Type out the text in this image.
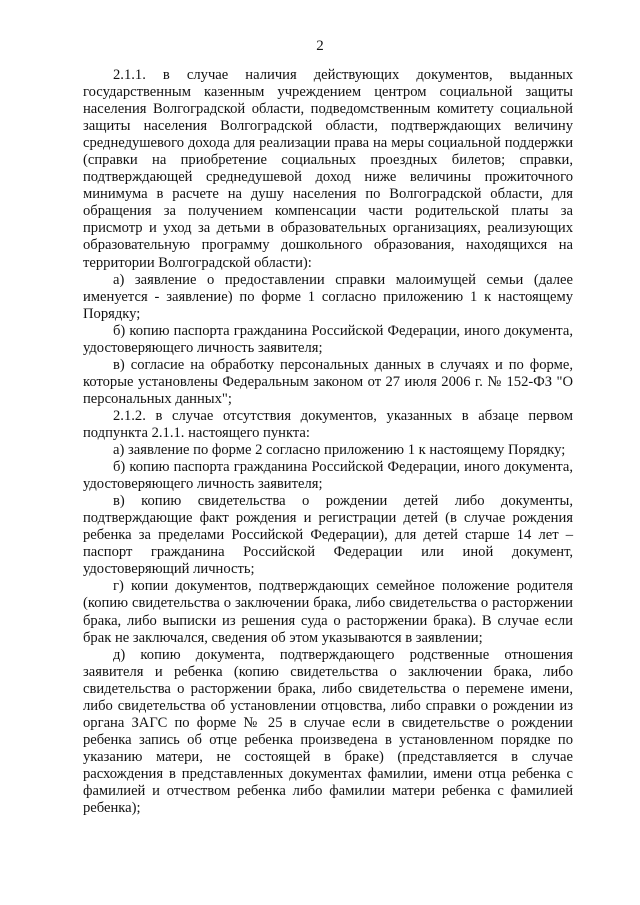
2

2.1.1. в случае наличия действующих документов, выданных государственным казенным учреждением центром социальной защиты населения Волгоградской области, подведомственным комитету социальной защиты населения Волгоградской области, подтверждающих величину среднедушевого дохода для реализации права на меры социальной поддержки (справки на приобретение социальных проездных билетов; справки, подтверждающей среднедушевой доход ниже величины прожиточного минимума в расчете на душу населения по Волгоградской области, для обращения за получением компенсации части родительской платы за присмотр и уход за детьми в образовательных организациях, реализующих образовательную программу дошкольного образования, находящихся на территории Волгоградской области):

а) заявление о предоставлении справки малоимущей семьи (далее именуется - заявление) по форме 1 согласно приложению 1 к настоящему Порядку;

б) копию паспорта гражданина Российской Федерации, иного документа, удостоверяющего личность заявителя;

в) согласие на обработку персональных данных в случаях и по форме, которые установлены Федеральным законом от 27 июля 2006 г. № 152-ФЗ "О персональных данных";

2.1.2. в случае отсутствия документов, указанных в абзаце первом подпункта 2.1.1. настоящего пункта:

а) заявление по форме 2 согласно приложению 1 к настоящему Порядку;

б) копию паспорта гражданина Российской Федерации, иного документа, удостоверяющего личность заявителя;

в) копию свидетельства о рождении детей либо документы, подтверждающие факт рождения и регистрации детей (в случае рождения ребенка за пределами Российской Федерации), для детей старше 14 лет – паспорт гражданина Российской Федерации или иной документ, удостоверяющий личность;

г) копии документов, подтверждающих семейное положение родителя (копию свидетельства о заключении брака, либо свидетельства о расторжении брака, либо выписки из решения суда о расторжении брака). В случае если брак не заключался, сведения об этом указываются в заявлении;

д) копию документа, подтверждающего родственные отношения заявителя и ребенка (копию свидетельства о заключении брака, либо свидетельства о расторжении брака, либо свидетельства о перемене имени, либо свидетельства об установлении отцовства, либо справки о рождении из органа ЗАГС по форме № 25 в случае если в свидетельстве о рождении ребенка запись об отце ребенка произведена в установленном порядке по указанию матери, не состоящей в браке) (представляется в случае расхождения в представленных документах фамилии, имени отца ребенка с фамилией и отчеством ребенка либо фамилии матери ребенка с фамилией ребенка);
